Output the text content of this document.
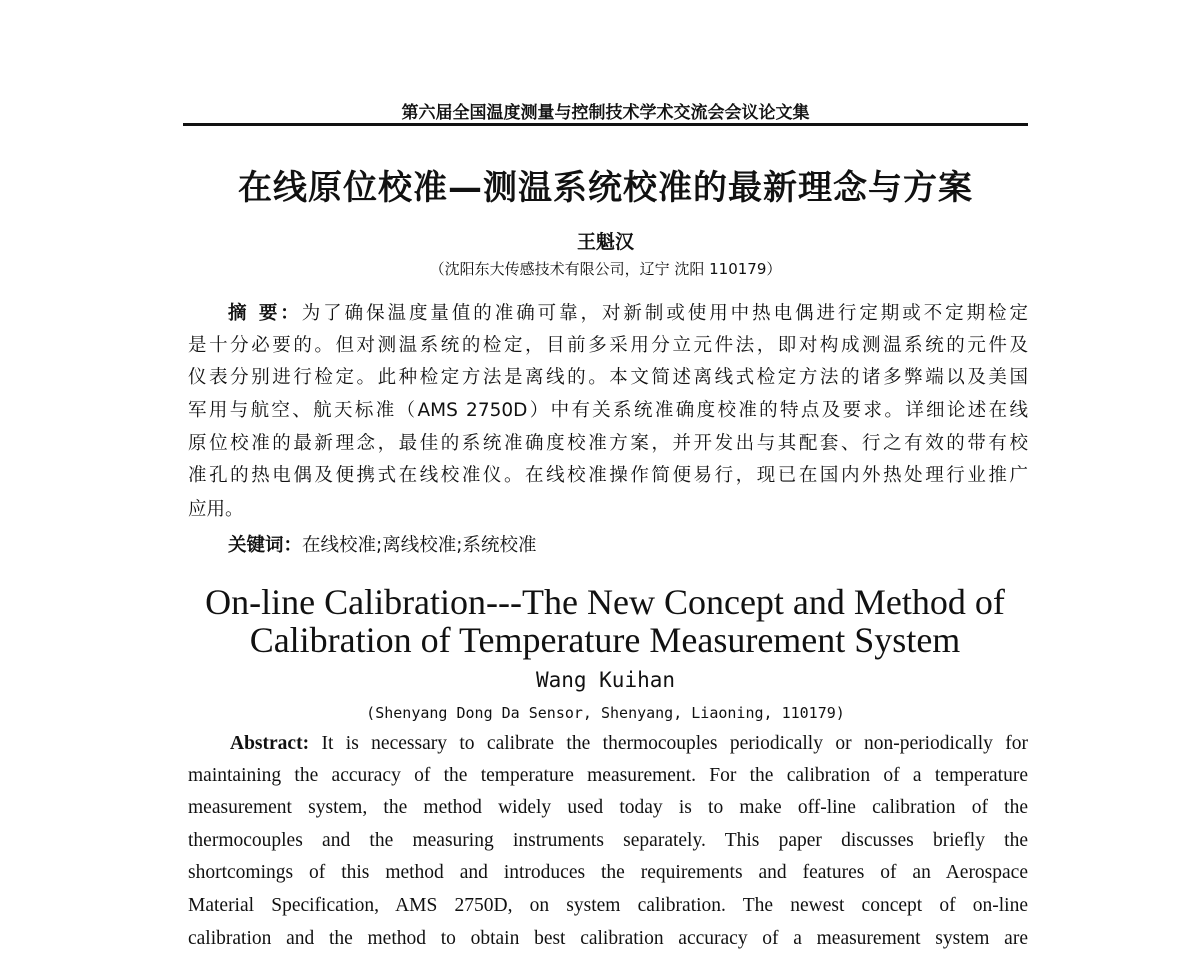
第六届全国温度测量与控制技术学术交流会会议论文集
在线原位校准—测温系统校准的最新理念与方案
王魁汉
（沈阳东大传感技术有限公司，辽宁 沈阳 110179）
摘 要：为了确保温度量值的准确可靠，对新制或使用中热电偶进行定期或不定期检定
是十分必要的。但对测温系统的检定，目前多采用分立元件法，即对构成测温系统的元件及
仪表分别进行检定。此种检定方法是离线的。本文简述离线式检定方法的诸多弊端以及美国
军用与航空、航天标准（AMS 2750D）中有关系统准确度校准的特点及要求。详细论述在线
原位校准的最新理念，最佳的系统准确度校准方案，并开发出与其配套、行之有效的带有校
准孔的热电偶及便携式在线校准仪。在线校准操作简便易行，现已在国内外热处理行业推广
应用。
关键词：在线校准;离线校准;系统校准
On-line Calibration---The New Concept and Method of
Calibration of Temperature Measurement System
Wang Kuihan
(Shenyang Dong Da Sensor, Shenyang, Liaoning, 110179)
Abstract: It is necessary to calibrate the thermocouples periodically or non-periodically for
maintaining the accuracy of the temperature measurement. For the calibration of a temperature
measurement system, the method widely used today is to make off-line calibration of the
thermocouples and the measuring instruments separately. This paper discusses briefly the
shortcomings of this method and introduces the requirements and features of an Aerospace
Material Specification, AMS 2750D, on system calibration. The newest concept of on-line
calibration and the method to obtain best calibration accuracy of a measurement system are
